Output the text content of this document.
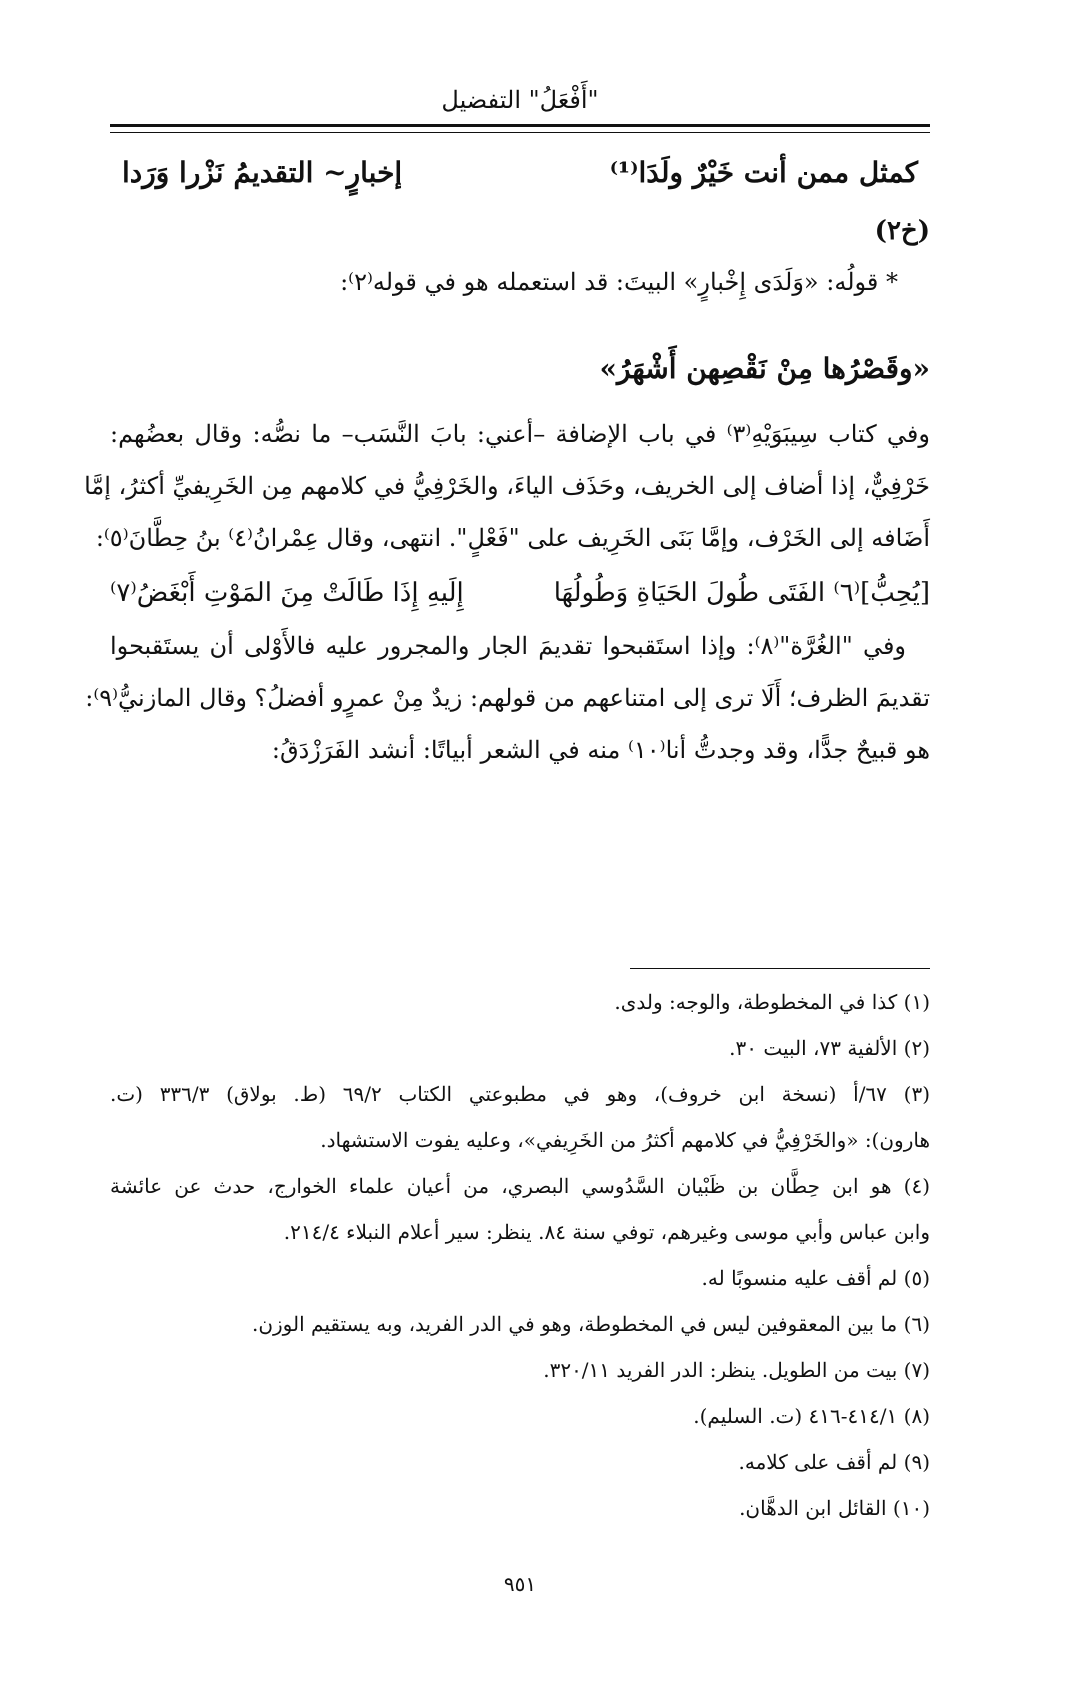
"أَفْعَلُ" التفضيل
كمثل ممن أنت خَيْرٌ ولَدَا⁽¹⁾
إخبارٍ~ التقديمُ نَزْرا وَرَدا
(خ٢)
* قولُه: «وَلَدَى إِخْبارٍ» البيتَ: قد استعمله هو في قوله⁽٢⁾:
«وقَصْرُها مِنْ نَقْصِهن أَشْهَرُ»
وفي كتاب سِيبَوَيْهِ⁽٣⁾ في باب الإضافة –أعني: بابَ النَّسَب– ما نصُّه: وقال بعضُهم:
خَرْفِيٌّ، إذا أضاف إلى الخريف، وحَذَف الياءَ، والخَرْفِيُّ في كلامهم مِن الخَرِيفيِّ أكثرُ، إمَّا
أَضَافه إلى الخَرْف، وإمَّا بَنَى الخَرِيف على "فَعْلٍ". انتهى، وقال عِمْرانُ⁽٤⁾ بنُ حِطَّانَ⁽٥⁾:
[يُحِبُّ]⁽٦⁾ الفَتَى طُولَ الحَيَاةِ وَطُولُهَا
إِلَيهِ إِذَا طَالَتْ مِنَ المَوْتِ أَبْغَضُ⁽٧⁾
وفي "الغُرَّة"⁽٨⁾: وإذا استَقبحوا تقديمَ الجار والمجرور عليه فالأَوْلى أن يستَقبحوا
تقديمَ الظرف؛ أَلَا ترى إلى امتناعهم من قولهم: زيدٌ مِنْ عمرٍو أفضلُ؟ وقال المازنيُّ⁽٩⁾:
هو قبيحٌ جدًّا، وقد وجدتُّ أنا⁽١٠⁾ منه في الشعر أبياتًا: أنشد الفَرَزْدَقُ:
(١) كذا في المخطوطة، والوجه: ولدى.
(٢) الألفية ٧٣، البيت ٣٠.
(٣) ٦٧/أ (نسخة ابن خروف)، وهو في مطبوعتي الكتاب ٦٩/٢ (ط. بولاق) ٣٣٦/٣ (ت.
هارون): «والخَرْفِيُّ في كلامهم أكثرُ من الخَرِيفي»، وعليه يفوت الاستشهاد.
(٤) هو ابن حِطَّان بن ظَبْيان السَّدُوسي البصري، من أعيان علماء الخوارج، حدث عن عائشة
وابن عباس وأبي موسى وغيرهم، توفي سنة ٨٤. ينظر: سير أعلام النبلاء ٢١٤/٤.
(٥) لم أقف عليه منسوبًا له.
(٦) ما بين المعقوفين ليس في المخطوطة، وهو في الدر الفريد، وبه يستقيم الوزن.
(٧) بيت من الطويل. ينظر: الدر الفريد ٣٢٠/١١.
(٨) ٤١٤/١-٤١٦ (ت. السليم).
(٩) لم أقف على كلامه.
(١٠) القائل ابن الدهَّان.
٩٥١
